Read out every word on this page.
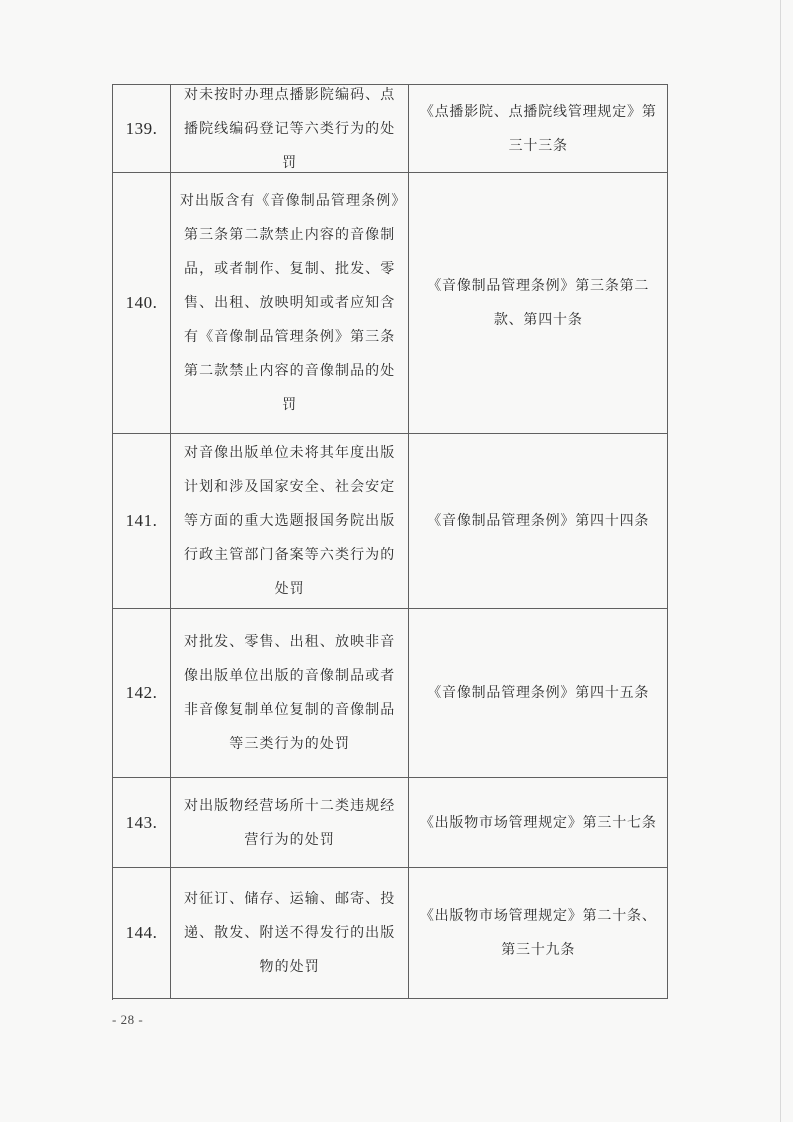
139.
对未按时办理点播影院编码、点播院线编码登记等六类行为的处罚
《点播影院、点播院线管理规定》第三十三条
140.
对出版含有《音像制品管理条例》第三条第二款禁止内容的音像制品，或者制作、复制、批发、零售、出租、放映明知或者应知含有《音像制品管理条例》第三条第二款禁止内容的音像制品的处罚
《音像制品管理条例》第三条第二款、第四十条
141.
对音像出版单位未将其年度出版计划和涉及国家安全、社会安定等方面的重大选题报国务院出版行政主管部门备案等六类行为的处罚
《音像制品管理条例》第四十四条
142.
对批发、零售、出租、放映非音像出版单位出版的音像制品或者非音像复制单位复制的音像制品等三类行为的处罚
《音像制品管理条例》第四十五条
143.
对出版物经营场所十二类违规经营行为的处罚
《出版物市场管理规定》第三十七条
144.
对征订、储存、运输、邮寄、投递、散发、附送不得发行的出版物的处罚
《出版物市场管理规定》第二十条、第三十九条
- 28 -
